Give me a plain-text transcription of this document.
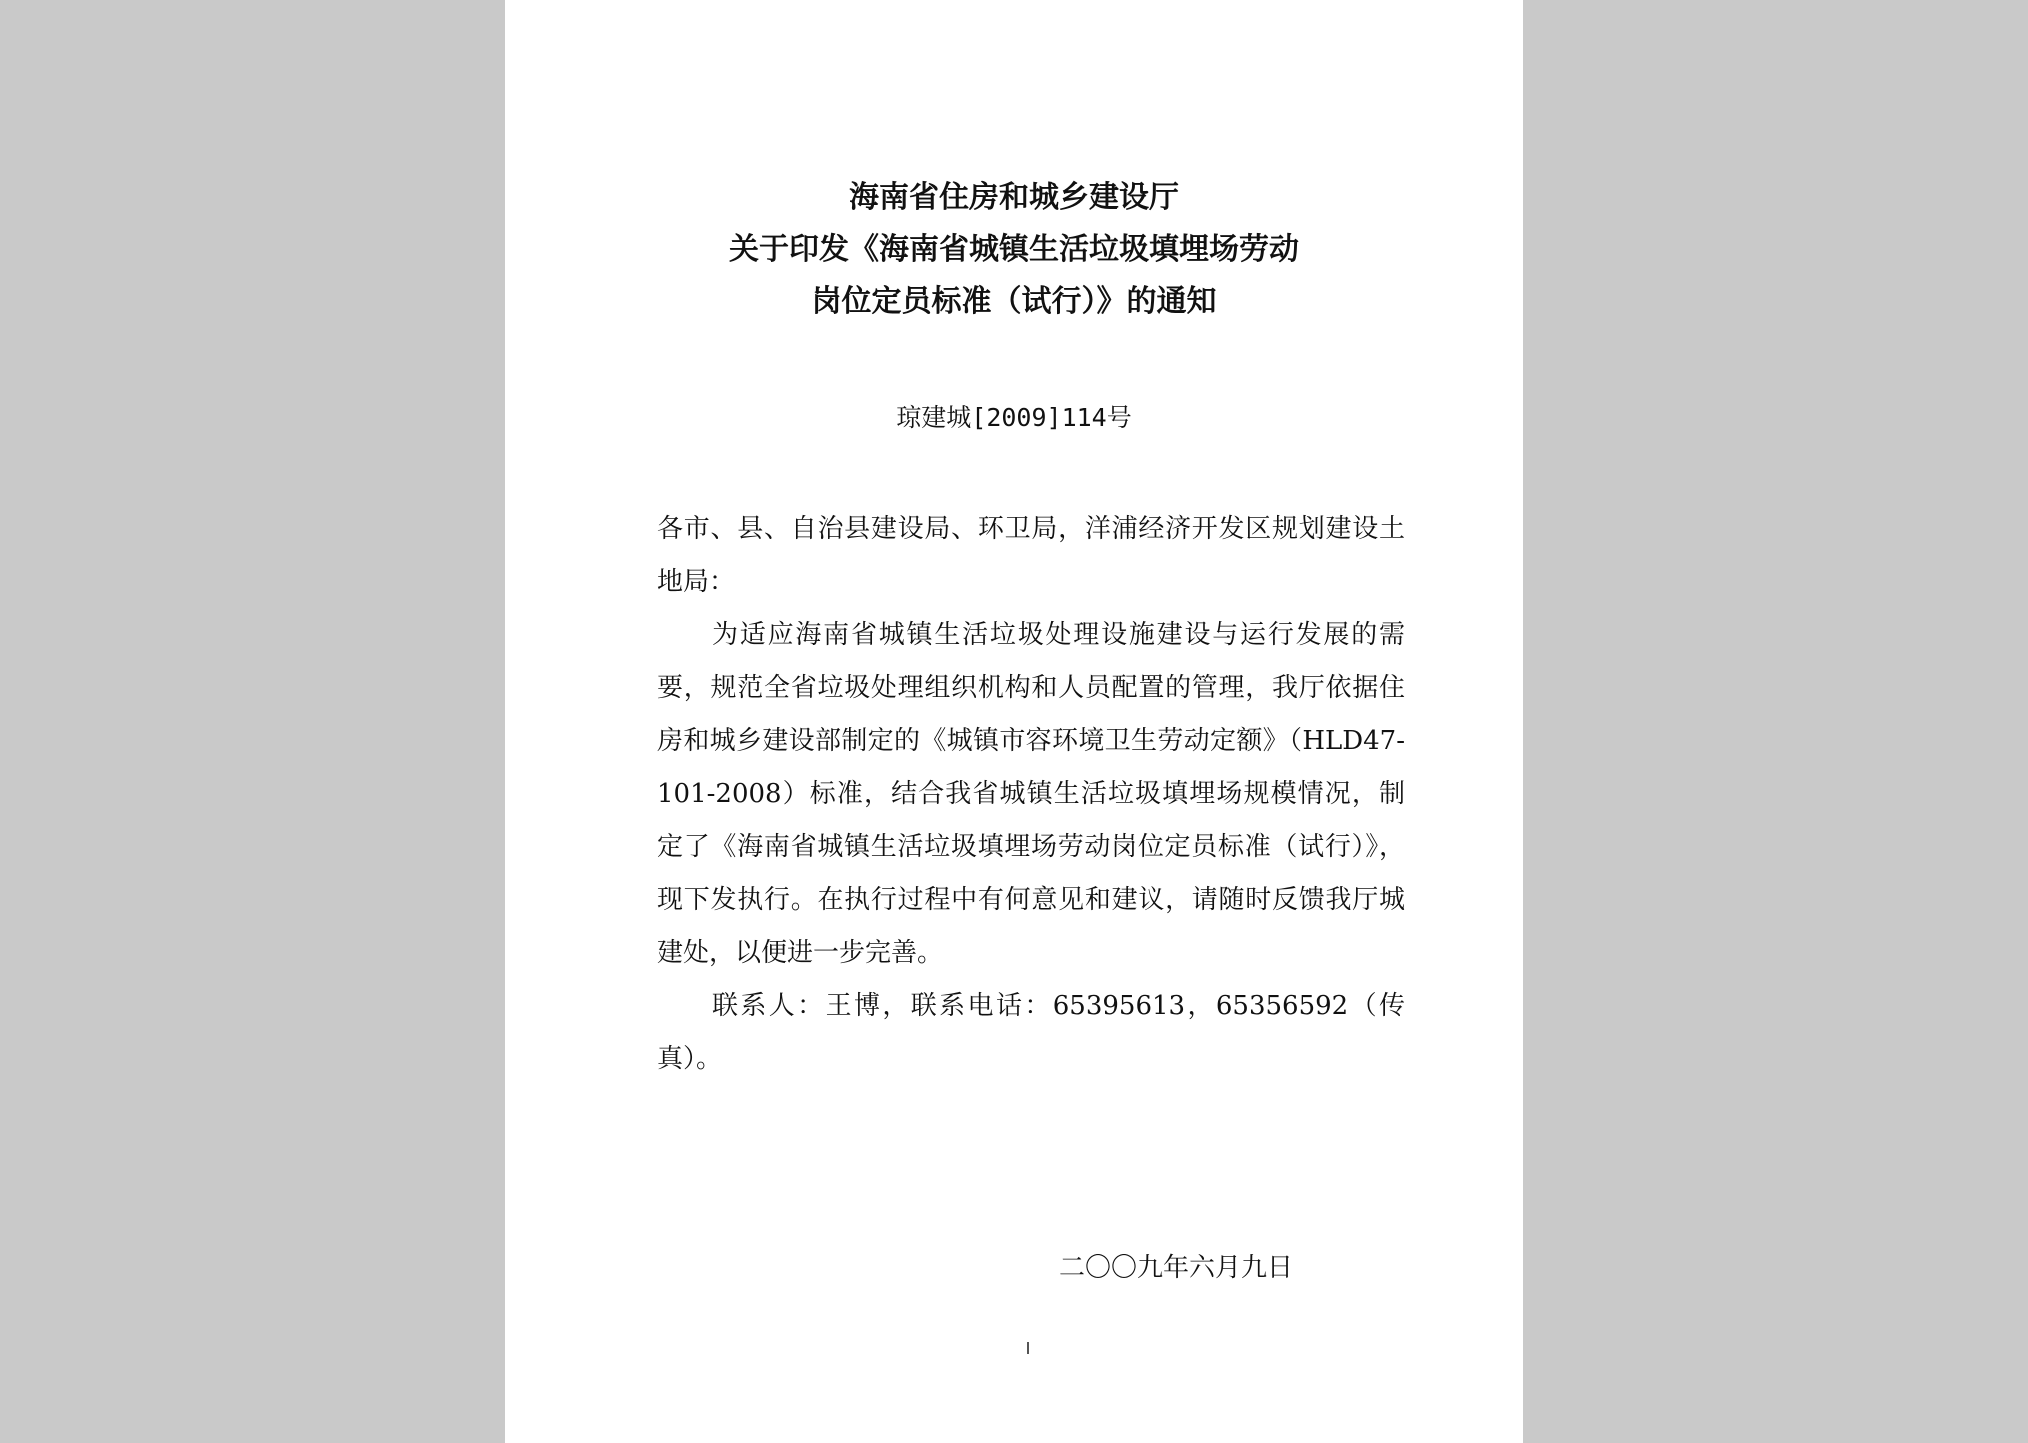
海南省住房和城乡建设厅
关于印发《海南省城镇生活垃圾填埋场劳动
岗位定员标准（试行）》的通知
琼建城[2009]114号

各市、县、自治县建设局、环卫局，洋浦经济开发区规划建设土地局：

为适应海南省城镇生活垃圾处理设施建设与运行发展的需要，规范全省垃圾处理组织机构和人员配置的管理，我厅依据住房和城乡建设部制定的《城镇市容环境卫生劳动定额》（HLD47-101-2008）标准，结合我省城镇生活垃圾填埋场规模情况，制定了《海南省城镇生活垃圾填埋场劳动岗位定员标准（试行）》，现下发执行。在执行过程中有何意见和建议，请随时反馈我厅城建处，以便进一步完善。

联系人：王博，联系电话：65395613，65356592（传真）。

二〇〇九年六月九日
